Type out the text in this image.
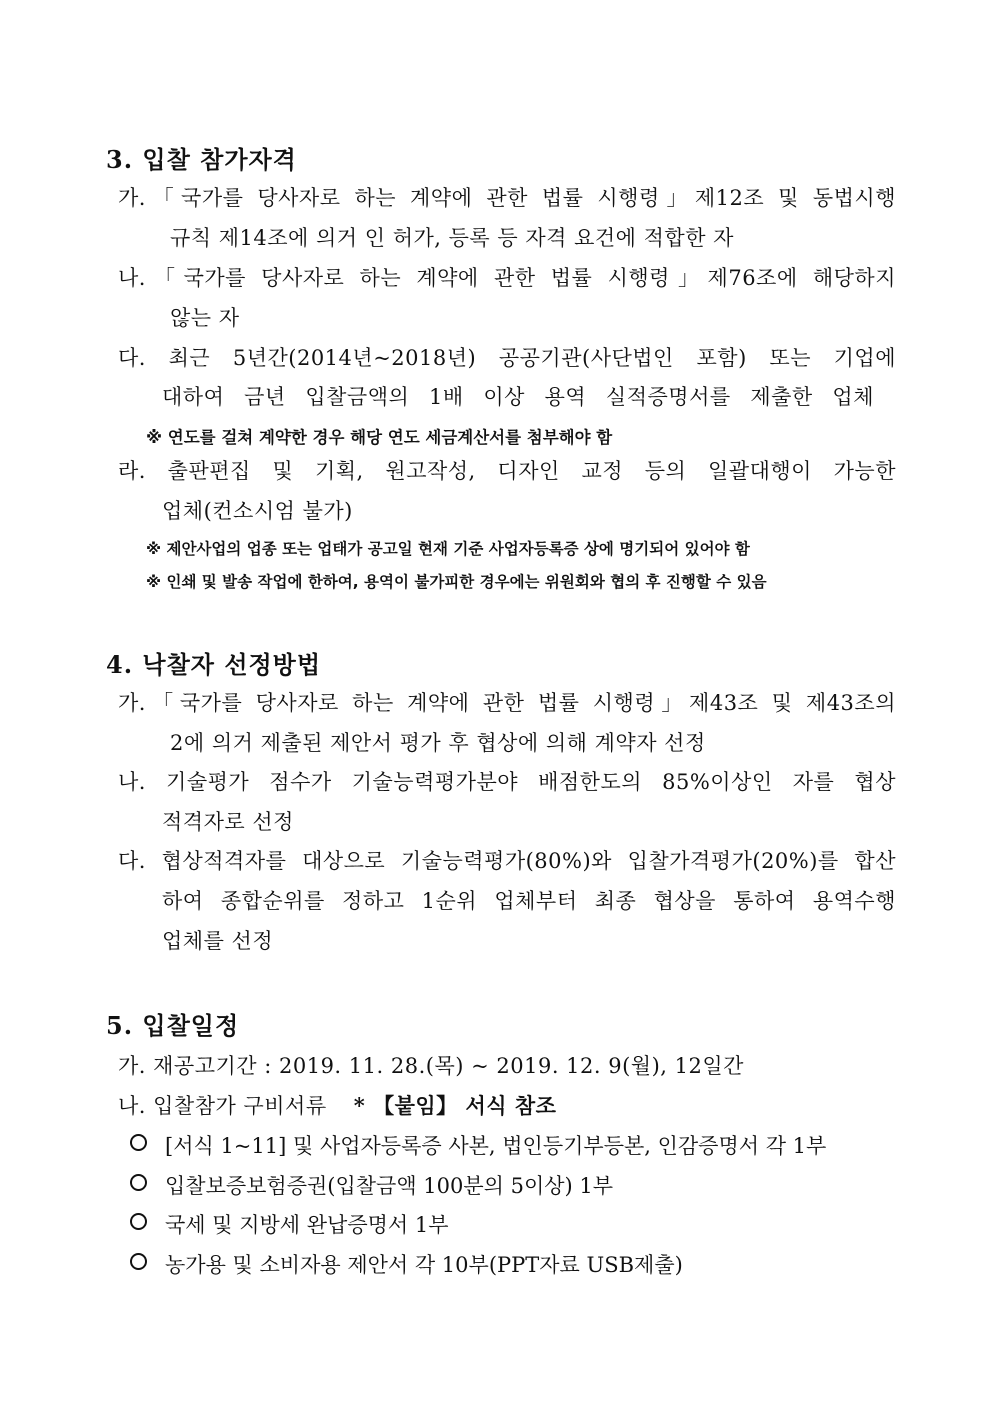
3. 입찰 참가자격
가.「국가를 당사자로 하는 계약에 관한 법률 시행령」제12조 및 동법시행
규칙 제14조에 의거 인 허가, 등록 등 자격 요건에 적합한 자
나.「국가를 당사자로 하는 계약에 관한 법률 시행령」제76조에 해당하지
않는 자
다. 최근 5년간(2014년~2018년) 공공기관(사단법인 포함) 또는 기업에
대하여 금년 입찰금액의 1배 이상 용역 실적증명서를 제출한 업체
※ 연도를 걸쳐 계약한 경우 해당 연도 세금계산서를 첨부해야 함
라. 출판편집 및 기획, 원고작성, 디자인 교정 등의 일괄대행이 가능한
업체(컨소시엄 불가)
※ 제안사업의 업종 또는 업태가 공고일 현재 기준 사업자등록증 상에 명기되어 있어야 함
※ 인쇄 및 발송 작업에 한하여, 용역이 불가피한 경우에는 위원회와 협의 후 진행할 수 있음
4. 낙찰자 선정방법
가.「국가를 당사자로 하는 계약에 관한 법률 시행령」제43조 및 제43조의
2에 의거 제출된 제안서 평가 후 협상에 의해 계약자 선정
나. 기술평가 점수가 기술능력평가분야 배점한도의 85%이상인 자를 협상
적격자로 선정
다. 협상적격자를 대상으로 기술능력평가(80%)와 입찰가격평가(20%)를 합산
하여 종합순위를 정하고 1순위 업체부터 최종 협상을 통하여 용역수행
업체를 선정
5. 입찰일정
가. 재공고기간 : 2019. 11. 28.(목) ~ 2019. 12. 9(월), 12일간
나. 입찰참가 구비서류 * 【붙임】 서식 참조
[서식 1~11] 및 사업자등록증 사본, 법인등기부등본, 인감증명서 각 1부
입찰보증보험증권(입찰금액 100분의 5이상) 1부
국세 및 지방세 완납증명서 1부
농가용 및 소비자용 제안서 각 10부(PPT자료 USB제출)
